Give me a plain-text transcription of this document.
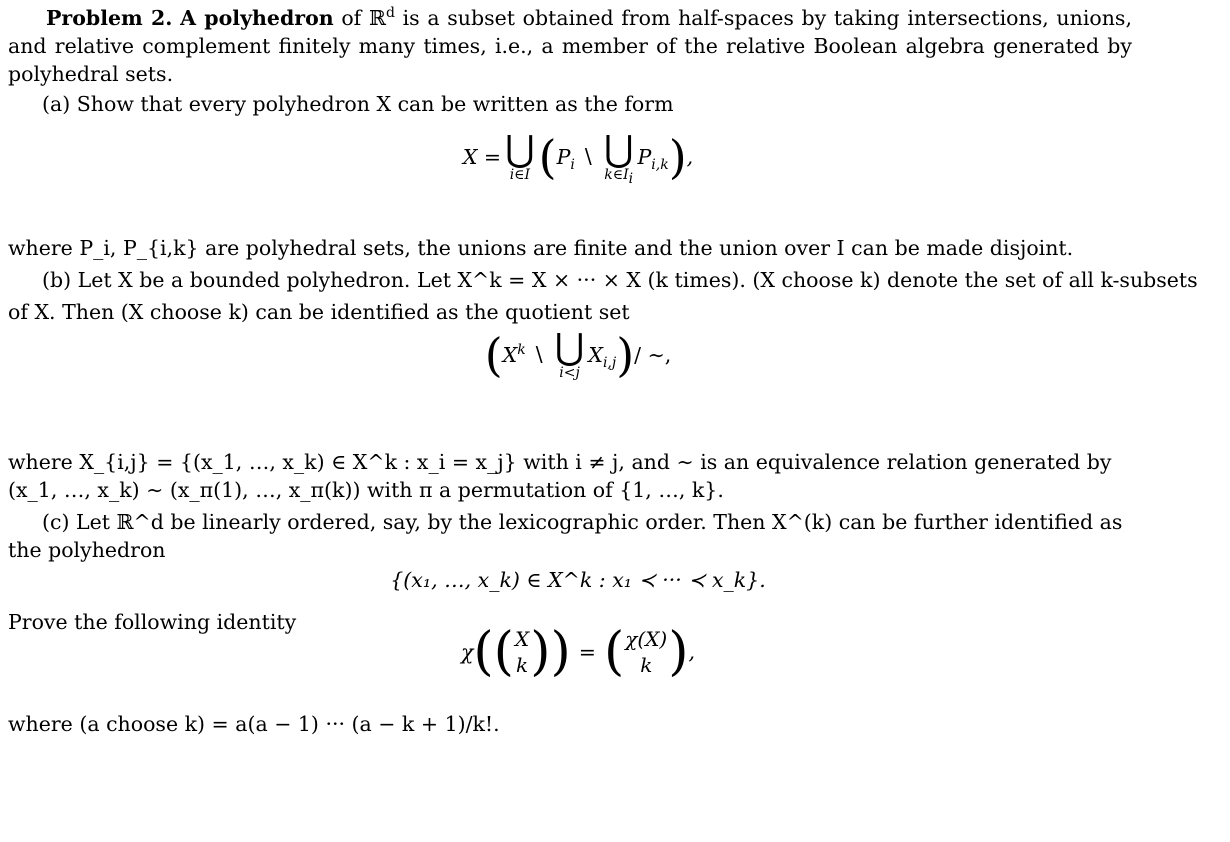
Problem 2. A polyhedron of ℝ$^d$ is a subset obtained from half-spaces by taking intersections, unions, and relative complement finitely many times, i.e., a member of the relative Boolean algebra generated by polyhedral sets.

(a) Show that every polyhedron X can be written as the form

X = ⋃
i∈I ( $P_i$ ∖ ⋃
$k\in I_i$
$P_{i,k}$ ) ,

where P_i, P_{i,k} are polyhedral sets, the unions are finite and the union over I can be made disjoint.

(b) Let X be a bounded polyhedron. Let X^k = X × ··· × X (k times). (X choose k) denote the set of all k-subsets

of X. Then (X choose k) can be identified as the quotient set

( $X^k$ ∖ ⋃
i<j
$X_{i,j}$ ) / ∼,

where X_{i,j} = {(x_1, …, x_k) ∈ X^k : x_i = x_j} with i ≠ j, and ∼ is an equivalence relation generated by

(x_1, …, x_k) ∼ (x_π(1), …, x_π(k)) with π a permutation of {1, …, k}.

(c) Let ℝ^d be linearly ordered, say, by the lexicographic order. Then X^(k) can be further identified as

the polyhedron

{(x₁, …, x_k) ∈ X^k : x₁ ≺ ··· ≺ x_k}.

Prove the following identity

χ (( X
k )) = ( χ(X)
k ) ,

where (a choose k) = a(a − 1) ··· (a − k + 1)/k!.
